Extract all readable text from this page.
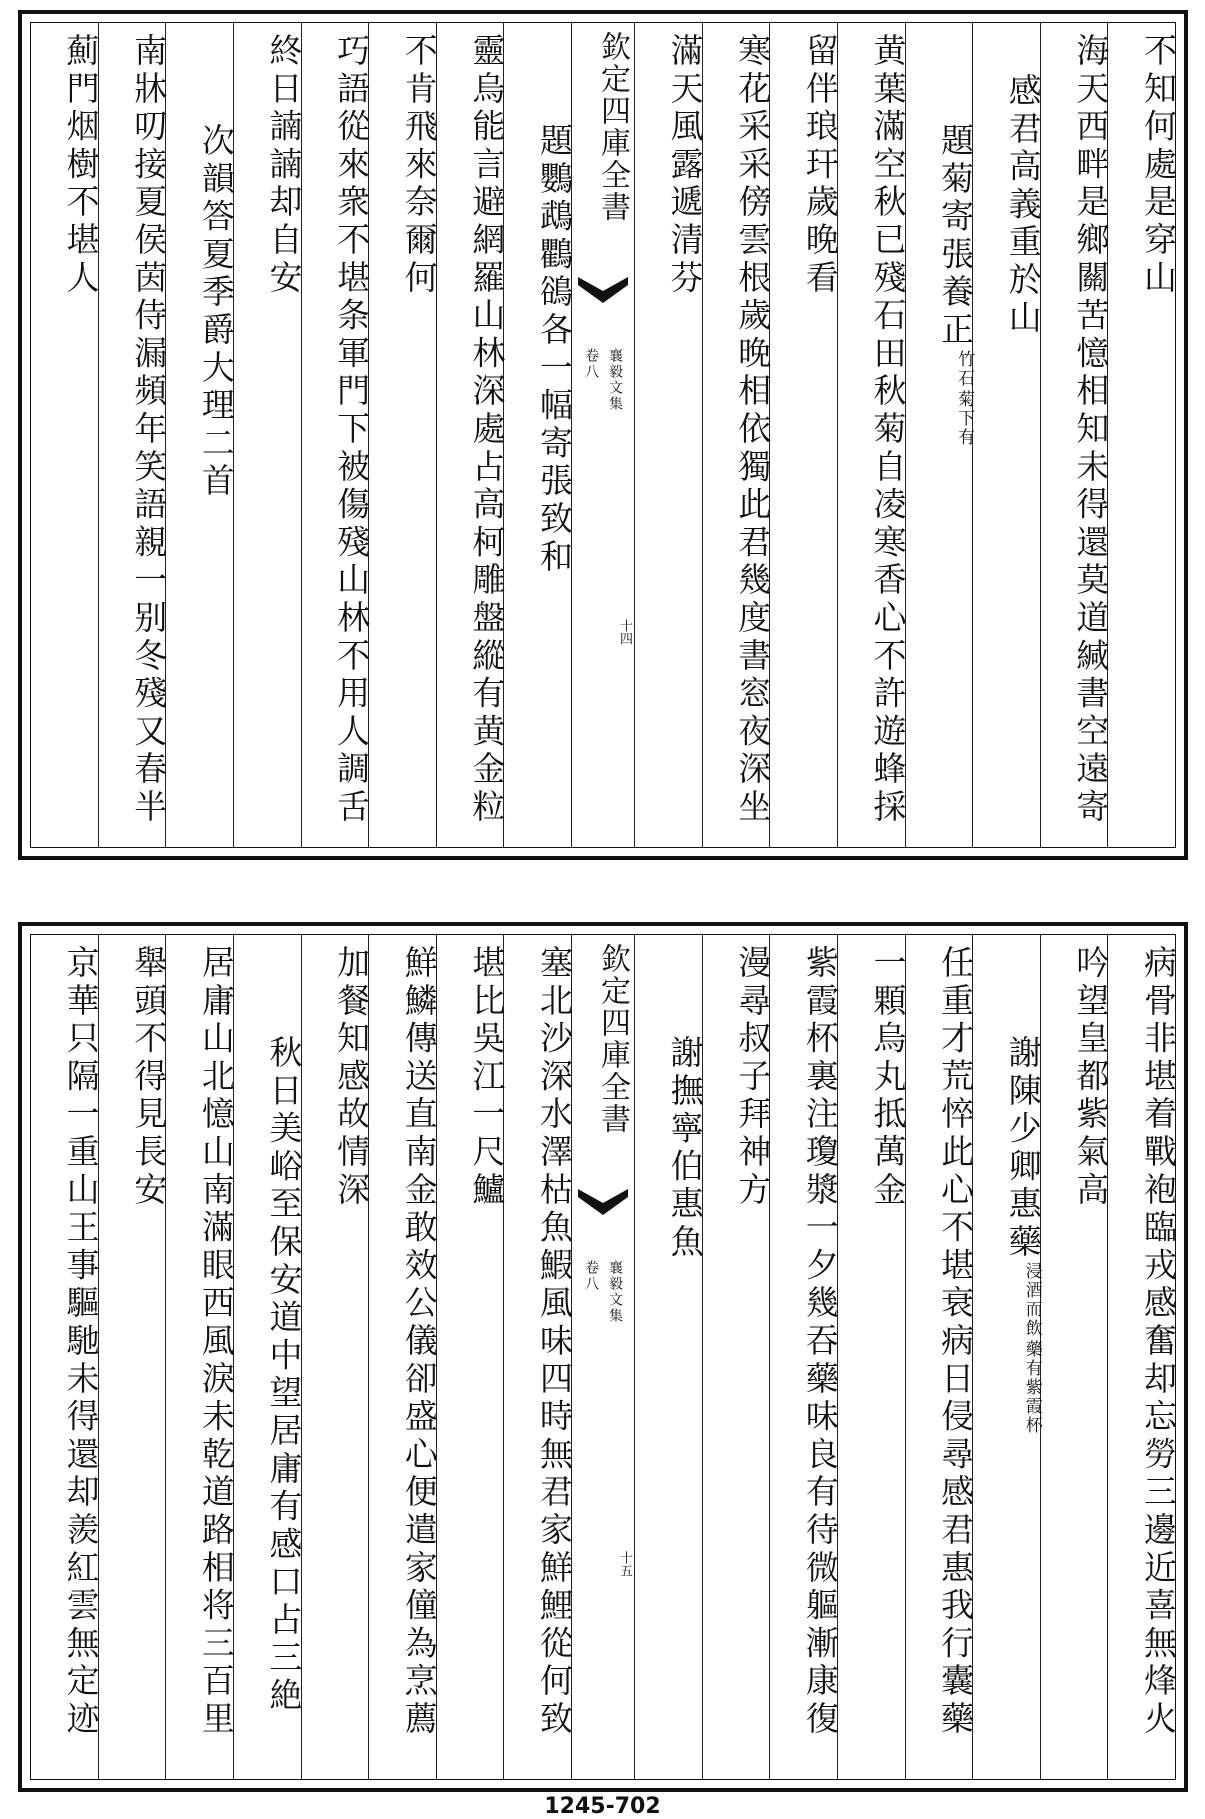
不知何處是穿山
海天西畔是鄉關苦憶相知未得還莫道緘書空遠寄
感君高義重於山
題菊寄張養正
菊下有
竹石
黄葉滿空秋已殘石田秋菊自凌寒香心不許遊蜂採
留伴琅玕歲晚看
寒花采采傍雲根歲晚相依獨此君幾度書窓夜深坐
滿天風露遞清芬
欽定四庫全書
襄毅文集
卷八
十四
題鸚鵡鸜鵒各一幅寄張致和
靈烏能言避網羅山林深處占高柯雕盤縱有黄金粒
不肯飛來奈爾何
巧語從來衆不堪条軍門下被傷殘山林不用人調舌
終日諵諵却自安
次韻答夏季爵大理二首
南牀叨接夏侯茵侍漏頻年笑語親一别冬殘又春半
薊門烟樹不堪人
病骨非堪着戰袍臨戎感奮却忘勞三邊近喜無烽火
吟望皇都紫氣高
謝陳少卿惠藥
藥有紫霞杯
浸酒而飲
任重才荒悴此心不堪衰病日侵尋感君惠我行囊藥
一顆烏丸抵萬金
紫霞杯裏注瓊漿一夕幾吞藥味良有待微軀漸康復
漫尋叔子拜神方
謝撫寧伯惠魚
欽定四庫全書
襄毅文集
卷八
十五
塞北沙深水澤枯魚鰕風味四時無君家鮮鯉從何致
堪比吳江一尺鱸
鮮鱗傳送直南金敢效公儀卻盛心便遣家僮為烹薦
加餐知感故情深
秋日美峪至保安道中望居庸有感口占三絶
居庸山北憶山南滿眼西風淚未乾道路相将三百里
舉頭不得見長安
京華只隔一重山王事驅馳未得還却羨紅雲無定迹
1245-702
